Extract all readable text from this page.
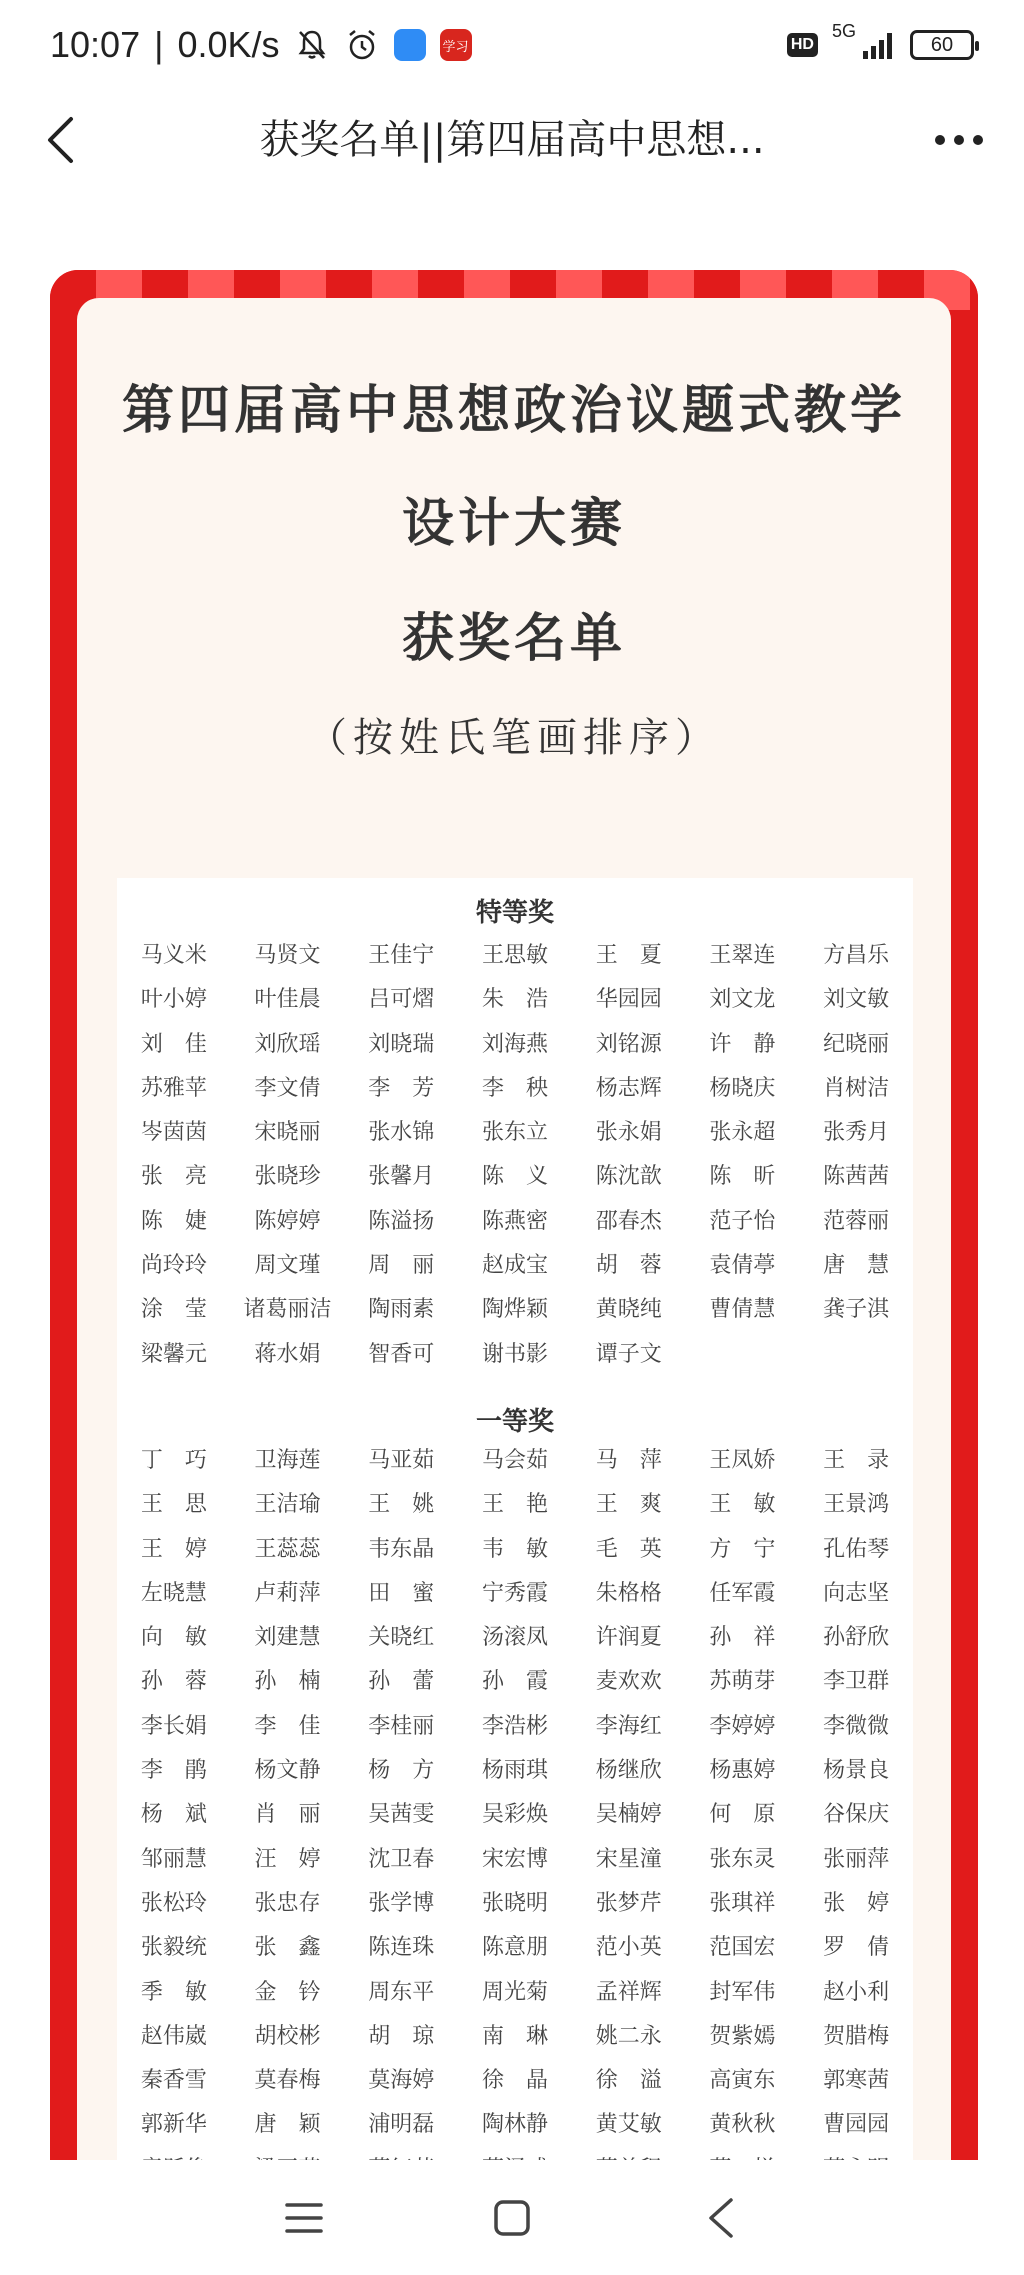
10:07 | 0.0K/s	学习	HD
5G
60
获奖名单||第四届高中思想...
第四届高中思想政治议题式教学
设计大赛
获奖名单
（按姓氏笔画排序）
特等奖
马义米	马贤文	王佳宁	王思敏	王　夏	王翠连	方昌乐
叶小婷	叶佳晨	吕可熠	朱　浩	华园园	刘文龙	刘文敏
刘　佳	刘欣瑶	刘晓瑞	刘海燕	刘铭源	许　静	纪晓丽
苏雅苹	李文倩	李　芳	李　秧	杨志辉	杨晓庆	肖树洁
岑茵茵	宋晓丽	张水锦	张东立	张永娟	张永超	张秀月
张　亮	张晓珍	张馨月	陈　义	陈沈歆	陈　昕	陈茜茜
陈　婕	陈婷婷	陈溢扬	陈燕密	邵春杰	范子怡	范蓉丽
尚玲玲	周文瑾	周　丽	赵成宝	胡　蓉	袁倩葶	唐　慧
涂　莹	诸葛丽洁	陶雨素	陶烨颖	黄晓纯	曹倩慧	龚子淇
梁馨元	蒋水娟	智香可	谢书影	谭子文
一等奖
丁　巧	卫海莲	马亚茹	马会茹	马　萍	王凤娇	王　录
王　思	王洁瑜	王　姚	王　艳	王　爽	王　敏	王景鸿
王　婷	王蕊蕊	韦东晶	韦　敏	毛　英	方　宁	孔佑琴
左晓慧	卢莉萍	田　蜜	宁秀霞	朱格格	任军霞	向志坚
向　敏	刘建慧	关晓红	汤滚凤	许润夏	孙　祥	孙舒欣
孙　蓉	孙　楠	孙　蕾	孙　霞	麦欢欢	苏萌芽	李卫群
李长娟	李　佳	李桂丽	李浩彬	李海红	李婷婷	李微微
李　鹃	杨文静	杨　方	杨雨琪	杨继欣	杨惠婷	杨景良
杨　斌	肖　丽	吴茜雯	吴彩焕	吴楠婷	何　原	谷保庆
邹丽慧	汪　婷	沈卫春	宋宏博	宋星潼	张东灵	张丽萍
张松玲	张忠存	张学博	张晓明	张梦芹	张琪祥	张　婷
张毅统	张　鑫	陈连珠	陈意朋	范小英	范国宏	罗　倩
季　敏	金　钤	周东平	周光菊	孟祥辉	封军伟	赵小利
赵伟崴	胡校彬	胡　琼	南　琳	姚二永	贺紫嫣	贺腊梅
秦香雪	莫春梅	莫海婷	徐　晶	徐　溢	高寅东	郭寒茜
郭新华	唐　颖	浦明磊	陶林静	黄艾敏	黄秋秋	曹园园
